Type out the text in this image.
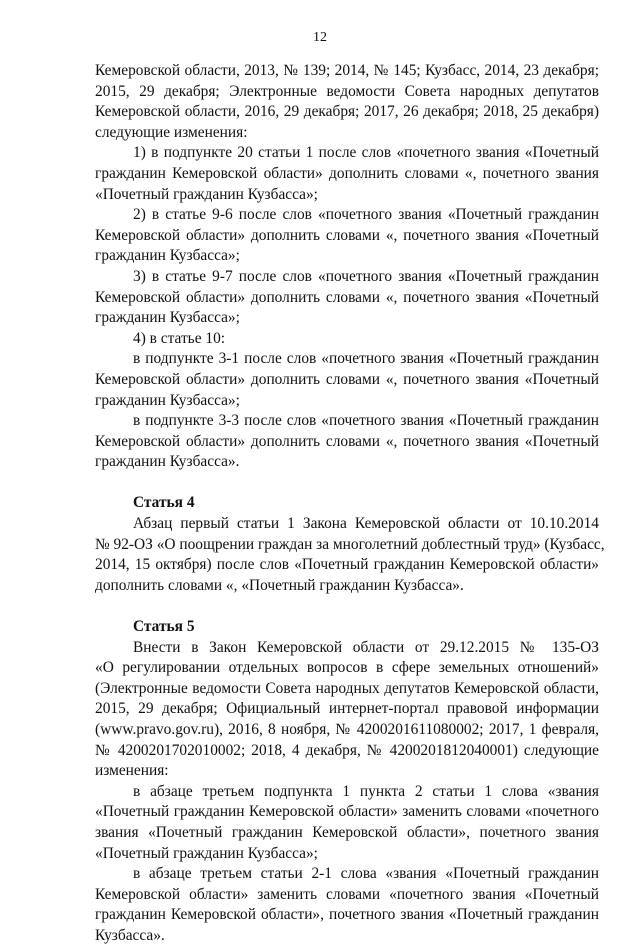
12
Кемеровской области, 2013, № 139; 2014, № 145; Кузбасс, 2014, 23 декабря;
2015, 29 декабря; Электронные ведомости Совета народных депутатов
Кемеровской области, 2016, 29 декабря; 2017, 26 декабря; 2018, 25 декабря)
следующие изменения:
1) в подпункте 20 статьи 1 после слов «почетного звания «Почетный
гражданин Кемеровской области» дополнить словами «, почетного звания
«Почетный гражданин Кузбасса»;
2) в статье 9-6 после слов «почетного звания «Почетный гражданин
Кемеровской области» дополнить словами «, почетного звания «Почетный
гражданин Кузбасса»;
3) в статье 9-7 после слов «почетного звания «Почетный гражданин
Кемеровской области» дополнить словами «, почетного звания «Почетный
гражданин Кузбасса»;
4) в статье 10:
в подпункте 3-1 после слов «почетного звания «Почетный гражданин
Кемеровской области» дополнить словами «, почетного звания «Почетный
гражданин Кузбасса»;
в подпункте 3-3 после слов «почетного звания «Почетный гражданин
Кемеровской области» дополнить словами «, почетного звания «Почетный
гражданин Кузбасса».
Статья 4
Абзац первый статьи 1 Закона Кемеровской области от 10.10.2014
№ 92-ОЗ «О поощрении граждан за многолетний доблестный труд» (Кузбасс,
2014, 15 октября) после слов «Почетный гражданин Кемеровской области»
дополнить словами «, «Почетный гражданин Кузбасса».
Статья 5
Внести в Закон Кемеровской области от 29.12.2015 № 135-ОЗ
«О регулировании отдельных вопросов в сфере земельных отношений»
(Электронные ведомости Совета народных депутатов Кемеровской области,
2015, 29 декабря; Официальный интернет-портал правовой информации
(www.pravo.gov.ru), 2016, 8 ноября, № 4200201611080002; 2017, 1 февраля,
№ 4200201702010002; 2018, 4 декабря, № 4200201812040001) следующие
изменения:
в абзаце третьем подпункта 1 пункта 2 статьи 1 слова «звания
«Почетный гражданин Кемеровской области» заменить словами «почетного
звания «Почетный гражданин Кемеровской области», почетного звания
«Почетный гражданин Кузбасса»;
в абзаце третьем статьи 2-1 слова «звания «Почетный гражданин
Кемеровской области» заменить словами «почетного звания «Почетный
гражданин Кемеровской области», почетного звания «Почетный гражданин
Кузбасса».
